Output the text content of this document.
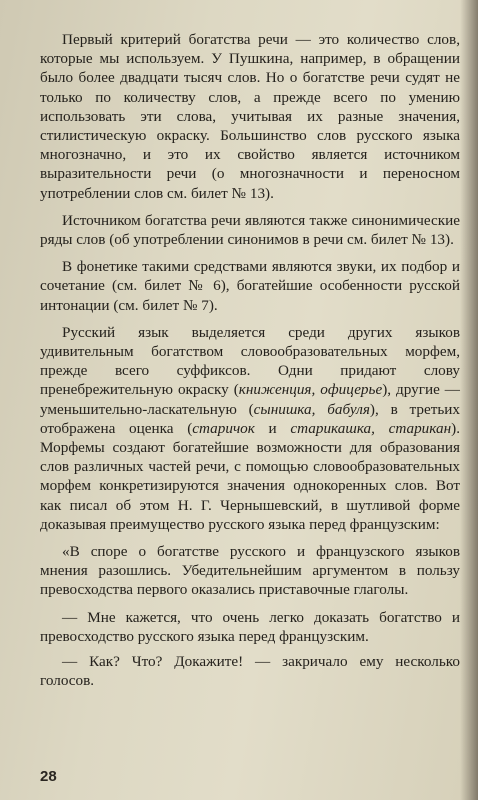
Первый критерий богатства речи — это количество слов, которые мы используем. У Пушкина, например, в обращении было более двадцати тысяч слов. Но о богатстве речи судят не только по количеству слов, а прежде всего по умению использовать эти слова, учитывая их разные значения, стилистическую окраску. Большинство слов русского языка многозначно, и это их свойство является источником выразительности речи (о многозначности и переносном употреблении слов см. билет № 13).

Источником богатства речи являются также синонимические ряды слов (об употреблении синонимов в речи см. билет № 13).

В фонетике такими средствами являются звуки, их подбор и сочетание (см. билет № 6), богатейшие особенности русской интонации (см. билет № 7).

Русский язык выделяется среди других языков удивительным богатством словообразовательных морфем, прежде всего суффиксов. Одни придают слову пренебрежительную окраску (книженция, офицерье), другие — уменьшительно-ласкательную (сынишка, бабуля), в третьих отображена оценка (старичок и старикашка, старикан). Морфемы создают богатейшие возможности для образования слов различных частей речи, с помощью словообразовательных морфем конкретизируются значения однокоренных слов. Вот как писал об этом Н. Г. Чернышевский, в шутливой форме доказывая преимущество русского языка перед французским:

«В споре о богатстве русского и французского языков мнения разошлись. Убедительнейшим аргументом в пользу превосходства первого оказались приставочные глаголы.

— Мне кажется, что очень легко доказать богатство и превосходство русского языка перед французским.

— Как? Что? Докажите! — закричало ему несколько голосов.

28
